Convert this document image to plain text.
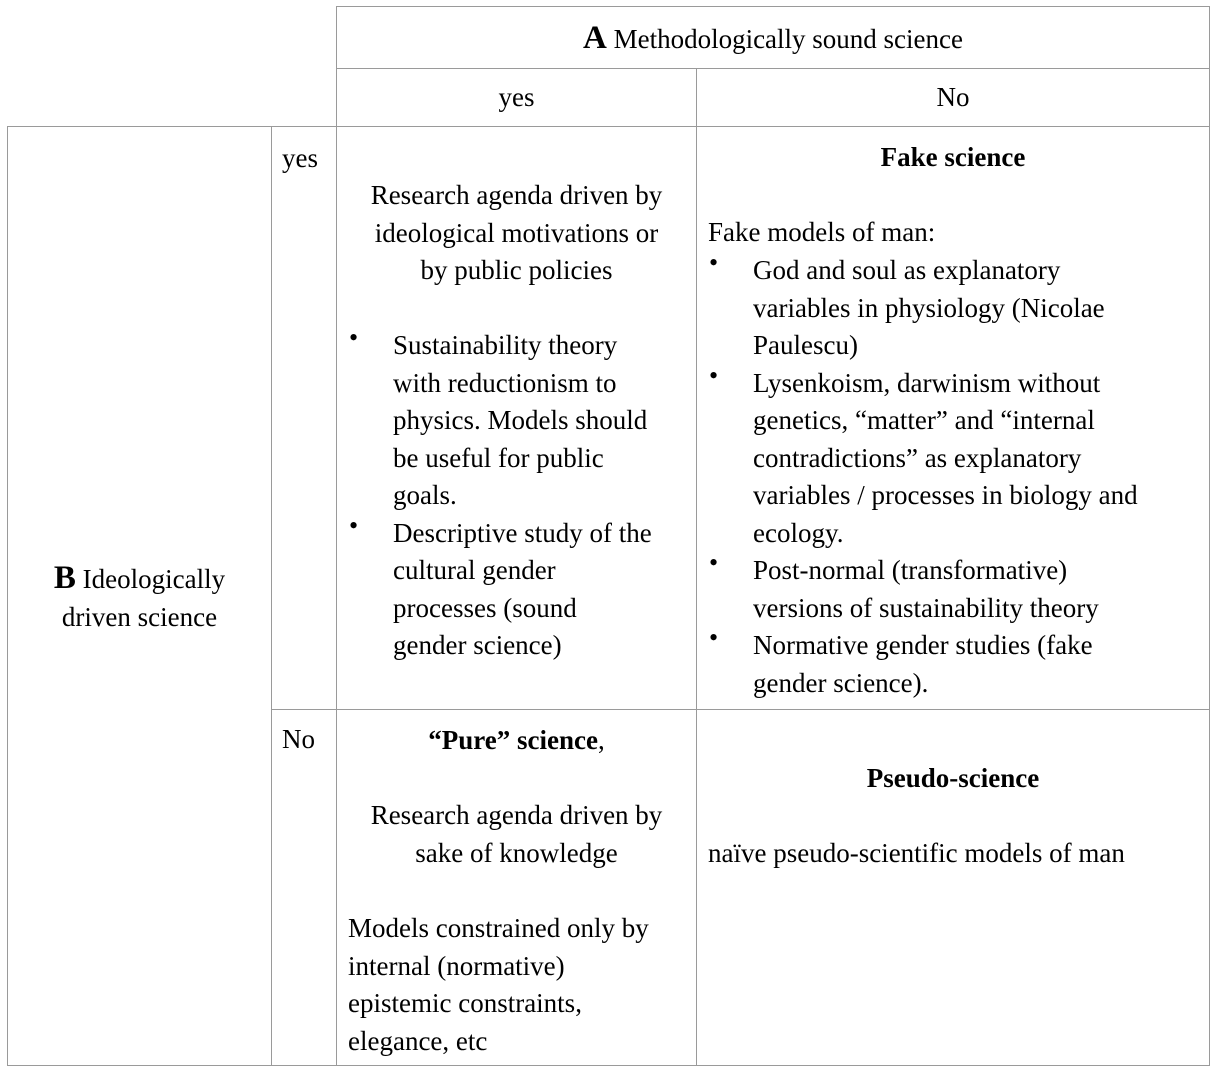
A Methodologically sound science
yes	No
B Ideologically
driven science
yes
No
Research agenda driven by
ideological motivations or
by public policies
• Sustainability theory
with reductionism to
physics. Models should
be useful for public
goals.
• Descriptive study of the
cultural gender
processes (sound
gender science)
Fake science
Fake models of man:
• God and soul as explanatory
variables in physiology (Nicolae
Paulescu)
• Lysenkoism, darwinism without
genetics, “matter” and “internal
contradictions” as explanatory
variables / processes in biology and
ecology.
• Post-normal (transformative)
versions of sustainability theory
• Normative gender studies (fake
gender science).
“Pure” science,
Research agenda driven by
sake of knowledge
Models constrained only by
internal (normative)
epistemic constraints,
elegance, etc
Pseudo-science
naïve pseudo-scientific models of man
